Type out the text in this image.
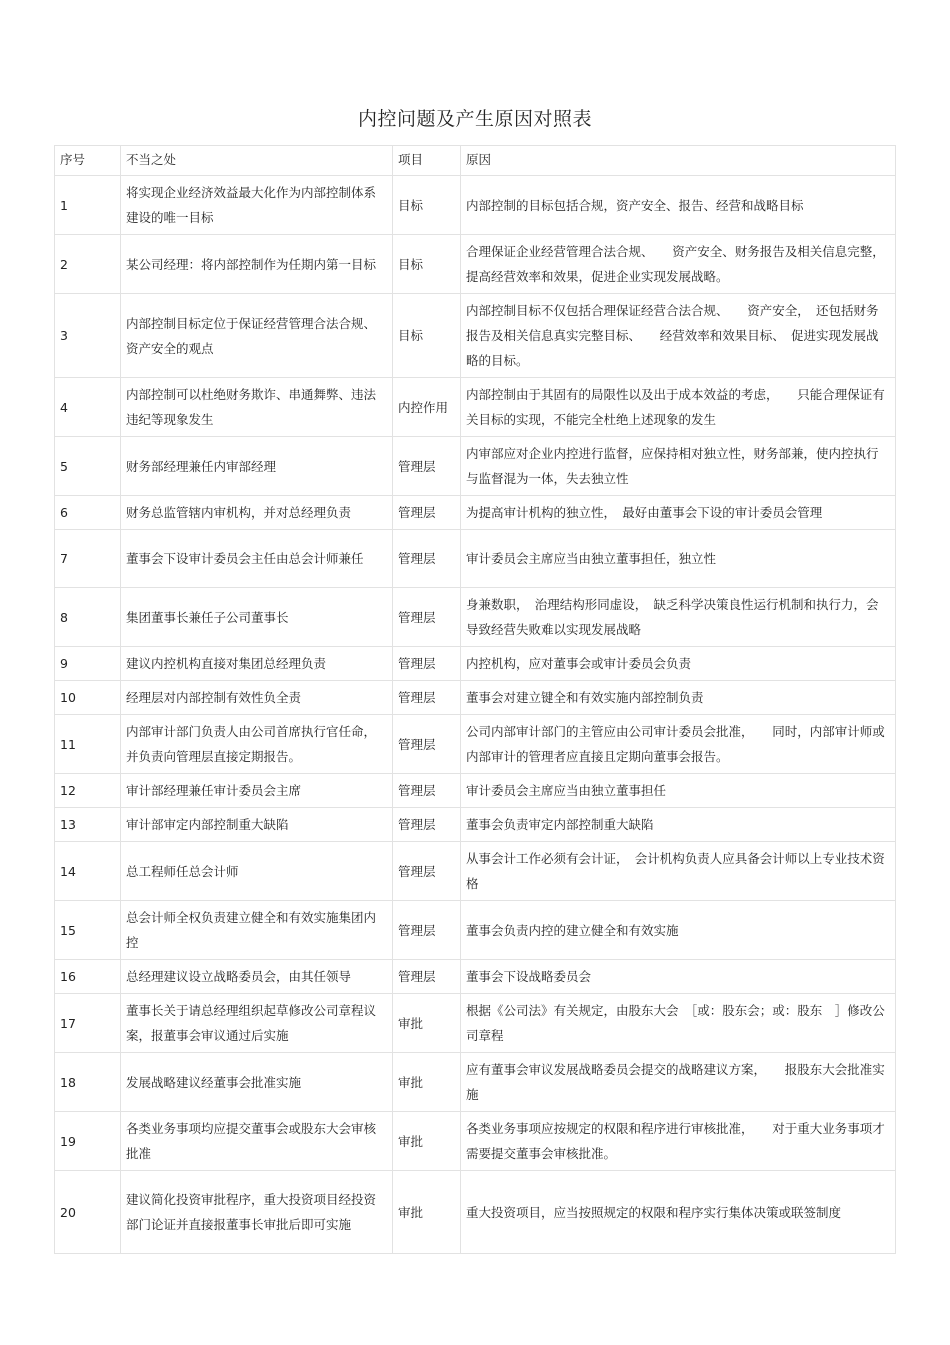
内控问题及产生原因对照表
序号	不当之处	项目	原因
1	将实现企业经济效益最大化作为内部控制体系建设的唯一目标	目标	内部控制的目标包括合规，资产安全、报告、经营和战略目标
2	某公司经理：将内部控制作为任期内第一目标	目标	合理保证企业经营管理合法合规、　　资产安全、财务报告及相关信息完整，提高经营效率和效果，促进企业实现发展战略。
3	内部控制目标定位于保证经营管理合法合规、资产安全的观点	目标	内部控制目标不仅包括合理保证经营合法合规、　　资产安全，　还包括财务报告及相关信息真实完整目标、　　经营效率和效果目标、　促进实现发展战略的目标。
4	内部控制可以杜绝财务欺诈、串通舞弊、违法违纪等现象发生	内控作用	内部控制由于其固有的局限性以及出于成本效益的考虑，　　只能合理保证有关目标的实现，不能完全杜绝上述现象的发生
5	财务部经理兼任内审部经理	管理层	内审部应对企业内控进行监督，应保持相对独立性，财务部兼，使内控执行与监督混为一体，失去独立性
6	财务总监管辖内审机构，并对总经理负责	管理层	为提高审计机构的独立性，　最好由董事会下设的审计委员会管理
7	董事会下设审计委员会主任由总会计师兼任	管理层	审计委员会主席应当由独立董事担任，独立性
8	集团董事长兼任子公司董事长	管理层	身兼数职，　治理结构形同虚设，　缺乏科学决策良性运行机制和执行力，会导致经营失败难以实现发展战略
9	建议内控机构直接对集团总经理负责	管理层	内控机构，应对董事会或审计委员会负责
10	经理层对内部控制有效性负全责	管理层	董事会对建立键全和有效实施内部控制负责
11	内部审计部门负责人由公司首席执行官任命，并负责向管理层直接定期报告。	管理层	公司内部审计部门的主管应由公司审计委员会批准，　　同时，内部审计师或内部审计的管理者应直接且定期向董事会报告。
12	审计部经理兼任审计委员会主席	管理层	审计委员会主席应当由独立董事担任
13	审计部审定内部控制重大缺陷	管理层	董事会负责审定内部控制重大缺陷
14	总工程师任总会计师	管理层	从事会计工作必须有会计证，　会计机构负责人应具备会计师以上专业技术资格
15	总会计师全权负责建立健全和有效实施集团内控	管理层	董事会负责内控的建立健全和有效实施
16	总经理建议设立战略委员会，由其任领导	管理层	董事会下设战略委员会
17	董事长关于请总经理组织起草修改公司章程议案，报董事会审议通过后实施	审批	根据《公司法》有关规定，由股东大会　［或：股东会；或：股东　］修改公司章程
18	发展战略建议经董事会批准实施	审批	应有董事会审议发展战略委员会提交的战略建议方案，　　报股东大会批准实施
19	各类业务事项均应提交董事会或股东大会审核批准	审批	各类业务事项应按规定的权限和程序进行审核批准，　　对于重大业务事项才需要提交董事会审核批准。
20	建议简化投资审批程序，重大投资项目经投资部门论证并直接报董事长审批后即可实施	审批	重大投资项目，应当按照规定的权限和程序实行集体决策或联签制度
